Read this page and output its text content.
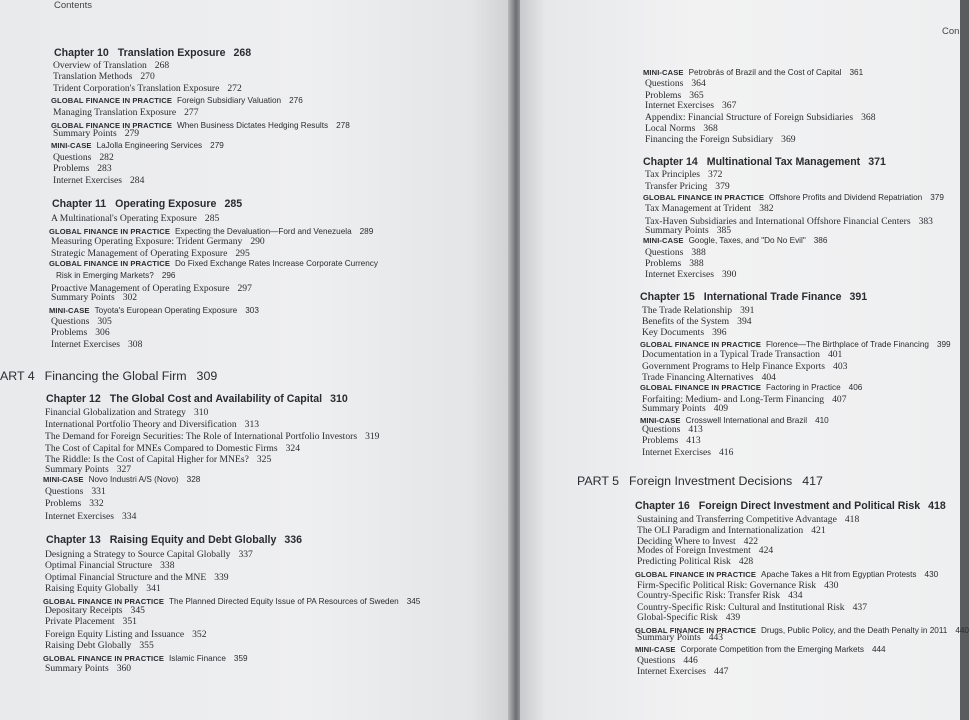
Contents
Chapter 10 Translation Exposure 268
Overview of Translation 268
Translation Methods 270
Trident Corporation's Translation Exposure 272
GLOBAL FINANCE IN PRACTICE Foreign Subsidiary Valuation 276
Managing Translation Exposure 277
GLOBAL FINANCE IN PRACTICE When Business Dictates Hedging Results 278
Summary Points 279
MINI-CASE LaJolla Engineering Services 279
Questions 282
Problems 283
Internet Exercises 284
Chapter 11 Operating Exposure 285
A Multinational's Operating Exposure 285
GLOBAL FINANCE IN PRACTICE Expecting the Devaluation—Ford and Venezuela 289
Measuring Operating Exposure: Trident Germany 290
Strategic Management of Operating Exposure 295
GLOBAL FINANCE IN PRACTICE Do Fixed Exchange Rates Increase Corporate Currency
Risk in Emerging Markets? 296
Proactive Management of Operating Exposure 297
Summary Points 302
MINI-CASE Toyota's European Operating Exposure 303
Questions 305
Problems 306
Internet Exercises 308
ART 4 Financing the Global Firm 309
Chapter 12 The Global Cost and Availability of Capital 310
Financial Globalization and Strategy 310
International Portfolio Theory and Diversification 313
The Demand for Foreign Securities: The Role of International Portfolio Investors 319
The Cost of Capital for MNEs Compared to Domestic Firms 324
The Riddle: Is the Cost of Capital Higher for MNEs? 325
Summary Points 327
MINI-CASE Novo Industri A/S (Novo) 328
Questions 331
Problems 332
Internet Exercises 334
Chapter 13 Raising Equity and Debt Globally 336
Designing a Strategy to Source Capital Globally 337
Optimal Financial Structure 338
Optimal Financial Structure and the MNE 339
Raising Equity Globally 341
GLOBAL FINANCE IN PRACTICE The Planned Directed Equity Issue of PA Resources of Sweden 345
Depositary Receipts 345
Private Placement 351
Foreign Equity Listing and Issuance 352
Raising Debt Globally 355
GLOBAL FINANCE IN PRACTICE Islamic Finance 359
Summary Points 360
Con
MINI-CASE Petrobrás of Brazil and the Cost of Capital 361
Questions 364
Problems 365
Internet Exercises 367
Appendix: Financial Structure of Foreign Subsidiaries 368
Local Norms 368
Financing the Foreign Subsidiary 369
Chapter 14 Multinational Tax Management 371
Tax Principles 372
Transfer Pricing 379
GLOBAL FINANCE IN PRACTICE Offshore Profits and Dividend Repatriation 379
Tax Management at Trident 382
Tax-Haven Subsidiaries and International Offshore Financial Centers 383
Summary Points 385
MINI-CASE Google, Taxes, and "Do No Evil" 386
Questions 388
Problems 388
Internet Exercises 390
Chapter 15 International Trade Finance 391
The Trade Relationship 391
Benefits of the System 394
Key Documents 396
GLOBAL FINANCE IN PRACTICE Florence—The Birthplace of Trade Financing 399
Documentation in a Typical Trade Transaction 401
Government Programs to Help Finance Exports 403
Trade Financing Alternatives 404
GLOBAL FINANCE IN PRACTICE Factoring in Practice 406
Forfaiting: Medium- and Long-Term Financing 407
Summary Points 409
MINI-CASE Crosswell International and Brazil 410
Questions 413
Problems 413
Internet Exercises 416
PART 5 Foreign Investment Decisions 417
Chapter 16 Foreign Direct Investment and Political Risk 418
Sustaining and Transferring Competitive Advantage 418
The OLI Paradigm and Internationalization 421
Deciding Where to Invest 422
Modes of Foreign Investment 424
Predicting Political Risk 428
GLOBAL FINANCE IN PRACTICE Apache Takes a Hit from Egyptian Protests 430
Firm-Specific Political Risk: Governance Risk 430
Country-Specific Risk: Transfer Risk 434
Country-Specific Risk: Cultural and Institutional Risk 437
Global-Specific Risk 439
GLOBAL FINANCE IN PRACTICE Drugs, Public Policy, and the Death Penalty in 2011 440
Summary Points 443
MINI-CASE Corporate Competition from the Emerging Markets 444
Questions 446
Internet Exercises 447
